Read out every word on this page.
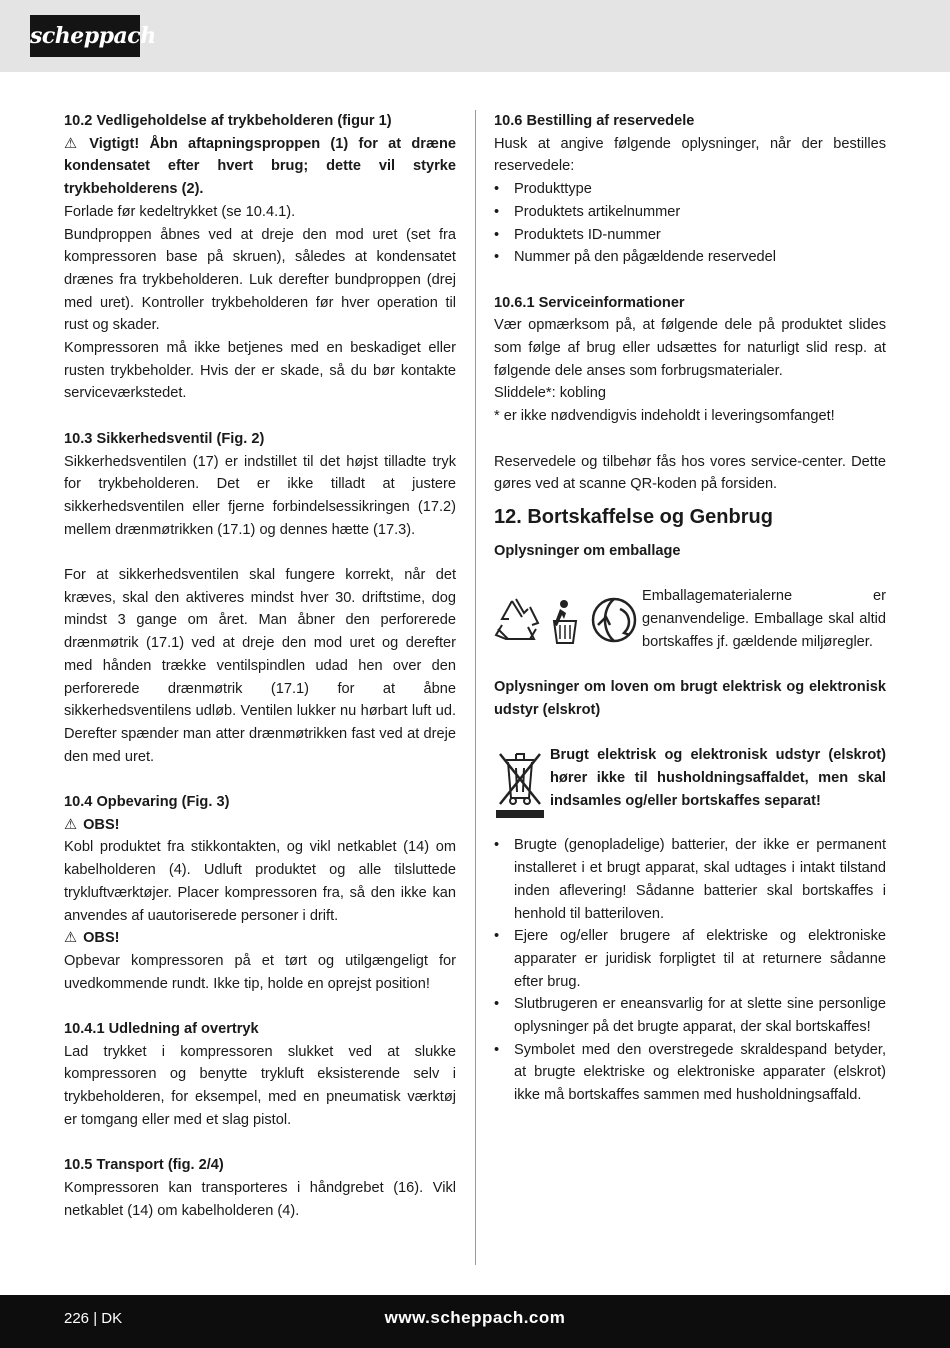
scheppach

10.2 Vedligeholdelse af trykbeholderen (figur 1)

⚠ Vigtigt! Åbn aftapningsproppen (1) for at dræne kondensatet efter hvert brug; dette vil styrke trykbeholderens (2).

Forlade før kedeltrykket (se 10.4.1).

Bundproppen åbnes ved at dreje den mod uret (set fra kompressoren base på skruen), således at kondensatet drænes fra trykbeholderen. Luk derefter bundproppen (drej med uret). Kontroller trykbeholderen før hver operation til rust og skader.

Kompressoren må ikke betjenes med en beskadiget eller rusten trykbeholder. Hvis der er skade, så du bør kontakte serviceværkstedet.

10.3 Sikkerhedsventil (Fig. 2)

Sikkerhedsventilen (17) er indstillet til det højst tilladte tryk for trykbeholderen. Det er ikke tilladt at justere sikkerhedsventilen eller fjerne forbindelsessikringen (17.2) mellem drænmøtrikken (17.1) og dennes hætte (17.3).

For at sikkerhedsventilen skal fungere korrekt, når det kræves, skal den aktiveres mindst hver 30. driftstime, dog mindst 3 gange om året. Man åbner den perforerede drænmøtrik (17.1) ved at dreje den mod uret og derefter med hånden trække ventilspindlen udad hen over den perforerede drænmøtrik (17.1) for at åbne sikkerhedsventilens udløb. Ventilen lukker nu hørbart luft ud. Derefter spænder man atter drænmøtrikken fast ved at dreje den med uret.

10.4 Opbevaring (Fig. 3)

⚠ OBS!

Kobl produktet fra stikkontakten, og vikl netkablet (14) om kabelholderen (4). Udluft produktet og alle tilsluttede trykluftværktøjer. Placer kompressoren fra, så den ikke kan anvendes af uautoriserede personer i drift.

⚠ OBS!

Opbevar kompressoren på et tørt og utilgængeligt for uvedkommende rundt. Ikke tip, holde en oprejst position!

10.4.1 Udledning af overtryk

Lad trykket i kompressoren slukket ved at slukke kompressoren og benytte trykluft eksisterende selv i trykbeholderen, for eksempel, med en pneumatisk værktøj er tomgang eller med et slag pistol.

10.5 Transport (fig. 2/4)

Kompressoren kan transporteres i håndgrebet (16). Vikl netkablet (14) om kabelholderen (4).

10.6 Bestilling af reservedele

Husk at angive følgende oplysninger, når der bestilles reservedele:

• Produkttype
• Produktets artikelnummer
• Produktets ID-nummer
• Nummer på den pågældende reservedel

10.6.1 Serviceinformationer

Vær opmærksom på, at følgende dele på produktet slides som følge af brug eller udsættes for naturligt slid resp. at følgende dele anses som forbrugsmaterialer.

Sliddele*: kobling

* er ikke nødvendigvis indeholdt i leveringsomfanget!

Reservedele og tilbehør fås hos vores service-center. Dette gøres ved at scanne QR-koden på forsiden.

12. Bortskaffelse og Genbrug

Oplysninger om emballage

Emballagematerialerne er genanvendelige. Emballage skal altid bortskaffes jf. gældende miljøregler.

Oplysninger om loven om brugt elektrisk og elektronisk udstyr (elskrot)

Brugt elektrisk og elektronisk udstyr (elskrot) hører ikke til husholdningsaffaldet, men skal indsamles og/eller bortskaffes separat!
• Brugte (genopladelige) batterier, der ikke er permanent installeret i et brugt apparat, skal udtages i intakt tilstand inden aflevering! Sådanne batterier skal bortskaffes i henhold til batteriloven.
• Ejere og/eller brugere af elektriske og elektroniske apparater er juridisk forpligtet til at returnere sådanne efter brug.
• Slutbrugeren er eneansvarlig for at slette sine personlige oplysninger på det brugte apparat, der skal bortskaffes!
• Symbolet med den overstregede skraldespand betyder, at brugte elektriske og elektroniske apparater (elskrot) ikke må bortskaffes sammen med husholdningsaffald.
226 | DK	www.scheppach.com
